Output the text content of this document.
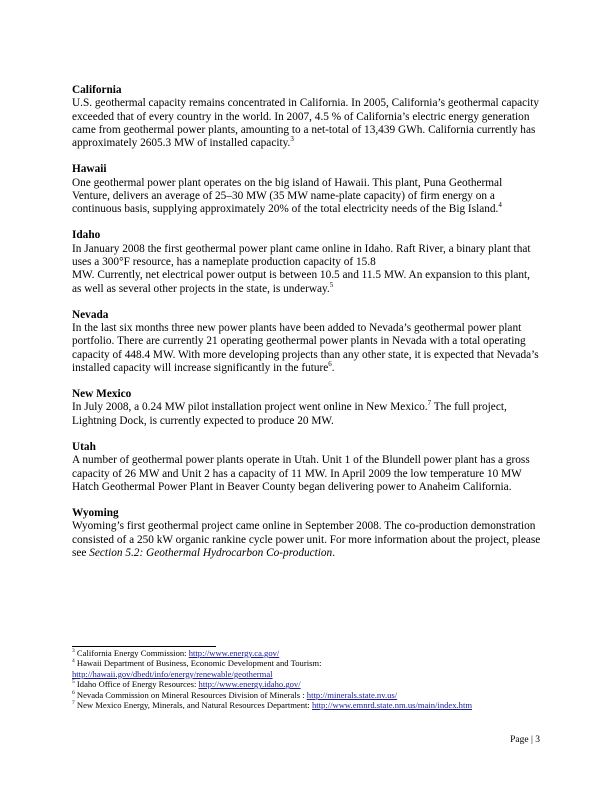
California
U.S. geothermal capacity remains concentrated in California. In 2005, California’s geothermal capacity exceeded that of every country in the world. In 2007, 4.5 % of California’s electric energy generation came from geothermal power plants, amounting to a net-total of 13,439 GWh. California currently has approximately 2605.3 MW of installed capacity.$^3$
Hawaii
One geothermal power plant operates on the big island of Hawaii. This plant, Puna Geothermal Venture, delivers an average of 25–30 MW (35 MW name-plate capacity) of firm energy on a continuous basis, supplying approximately 20% of the total electricity needs of the Big Island.$^4$
Idaho
In January 2008 the first geothermal power plant came online in Idaho. Raft River, a binary plant that uses a 300°F resource, has a nameplate production capacity of 15.8
MW. Currently, net electrical power output is between 10.5 and 11.5 MW. An expansion to this plant, as well as several other projects in the state, is underway.$^5$
Nevada
In the last six months three new power plants have been added to Nevada’s geothermal power plant portfolio. There are currently 21 operating geothermal power plants in Nevada with a total operating capacity of 448.4 MW. With more developing projects than any other state, it is expected that Nevada’s installed capacity will increase significantly in the future$^6$.
New Mexico
In July 2008, a 0.24 MW pilot installation project went online in New Mexico.$^7$ The full project, Lightning Dock, is currently expected to produce 20 MW.
Utah
A number of geothermal power plants operate in Utah. Unit 1 of the Blundell power plant has a gross capacity of 26 MW and Unit 2 has a capacity of 11 MW. In April 2009 the low temperature 10 MW Hatch Geothermal Power Plant in Beaver County began delivering power to Anaheim California.
Wyoming
Wyoming’s first geothermal project came online in September 2008. The co-production demonstration consisted of a 250 kW organic rankine cycle power unit. For more information about the project, please see Section 5.2: Geothermal Hydrocarbon Co-production.
$^3$ California Energy Commission: http://www.energy.ca.gov/
$^4$ Hawaii Department of Business, Economic Development and Tourism:
http://hawaii.gov/dbedt/info/energy/renewable/geothermal
$^5$ Idaho Office of Energy Resources: http://www.energy.idaho.gov/
$^6$ Nevada Commission on Mineral Resources Division of Minerals : http://minerals.state.nv.us/
$^7$ New Mexico Energy, Minerals, and Natural Resources Department: http://www.emnrd.state.nm.us/main/index.htm
Page | 3
